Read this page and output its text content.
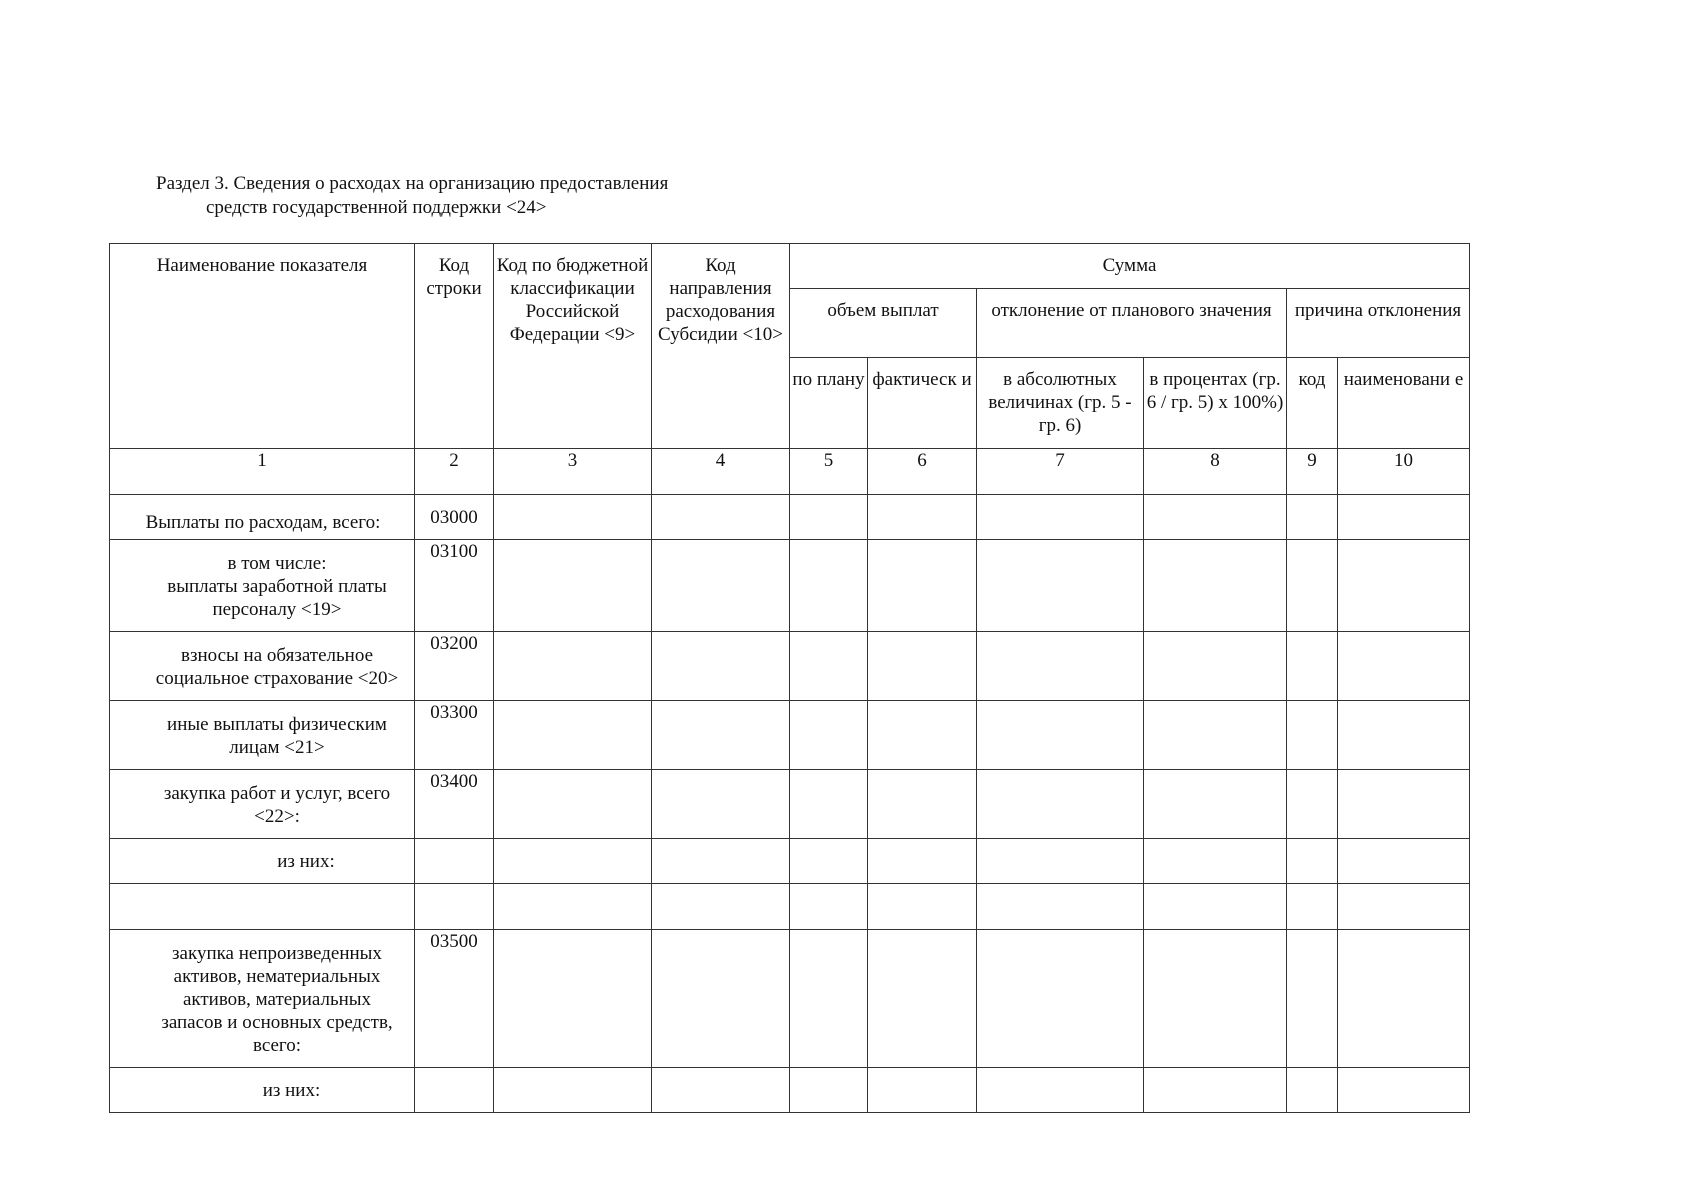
Раздел 3. Сведения о расходах на организацию предоставления
средств государственной поддержки <24>
Наименование показателя	Код строки	Код по бюджетной классификации Российской Федерации <9>	Код направления расходования Субсидии <10>	Сумма					
				объем выплат		отклонение от планового значения		причина отклонения	
				по плану	фактическ и	в абсолютных величинах (гр. 5 - гр. 6)	в процентах (гр. 6 / гр. 5) х 100%)	код	наименовани е
1	2	3	4	5	6	7	8	9	10

Выплаты по расходам, всего:	03000								

в том числе:
выплаты заработной платы
персоналу <19>	03100								

взносы на обязательное
социальное страхование <20>	03200								

иные выплаты физическим
лицам <21>	03300								

закупка работ и услуг, всего
<22>:	03400								

из них:									

закупка непроизведенных
активов, нематериальных
активов, материальных
запасов и основных средств,
всего:	03500								

из них:									
